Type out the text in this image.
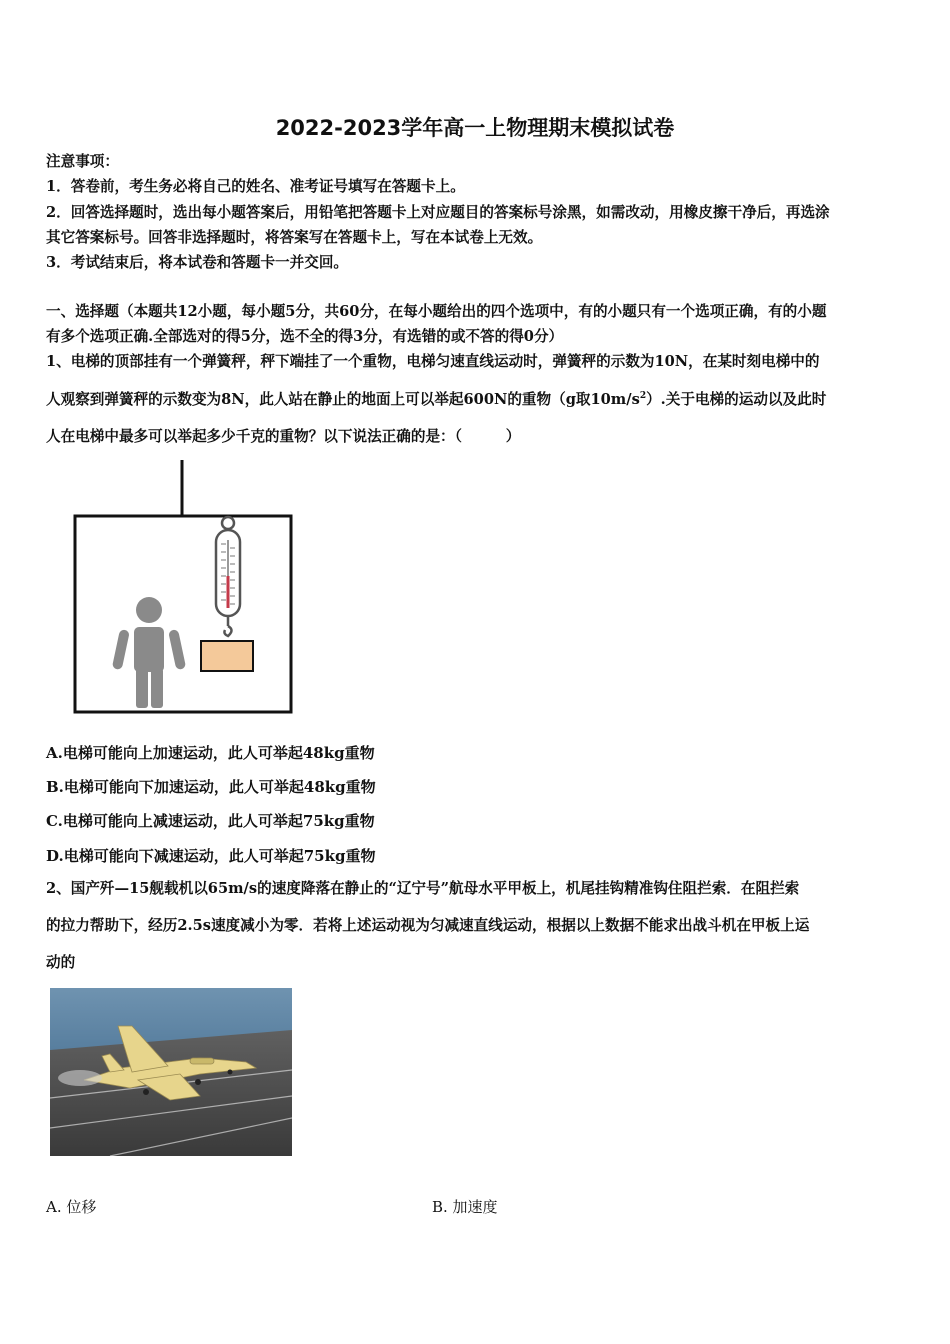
2022-2023学年高一上物理期末模拟试卷
注意事项：
1．答卷前，考生务必将自己的姓名、准考证号填写在答题卡上。
2．回答选择题时，选出每小题答案后，用铅笔把答题卡上对应题目的答案标号涂黑，如需改动，用橡皮擦干净后，再选涂
其它答案标号。回答非选择题时，将答案写在答题卡上，写在本试卷上无效。
3．考试结束后，将本试卷和答题卡一并交回。
一、选择题（本题共12小题，每小题5分，共60分，在每小题给出的四个选项中，有的小题只有一个选项正确，有的小题
有多个选项正确.全部选对的得5分，选不全的得3分，有选错的或不答的得0分）
1、电梯的顶部挂有一个弹簧秤，秤下端挂了一个重物，电梯匀速直线运动时，弹簧秤的示数为10N，在某时刻电梯中的
人观察到弹簧秤的示数变为8N，此人站在静止的地面上可以举起600N的重物（g取$10m/s^2$）.关于电梯的运动以及此时
人在电梯中最多可以举起多少千克的重物？以下说法正确的是：（　　　）
A.电梯可能向上加速运动，此人可举起48kg重物
B.电梯可能向下加速运动，此人可举起48kg重物
C.电梯可能向上减速运动，此人可举起75kg重物
D.电梯可能向下减速运动，此人可举起75kg重物
2、国产歼—15舰载机以65m/s的速度降落在静止的“辽宁号”航母水平甲板上，机尾挂钩精准钩住阻拦索．在阻拦索
的拉力帮助下，经历2.5s速度减小为零．若将上述运动视为匀减速直线运动，根据以上数据不能求出战斗机在甲板上运
动的
A. 位移	B. 加速度
